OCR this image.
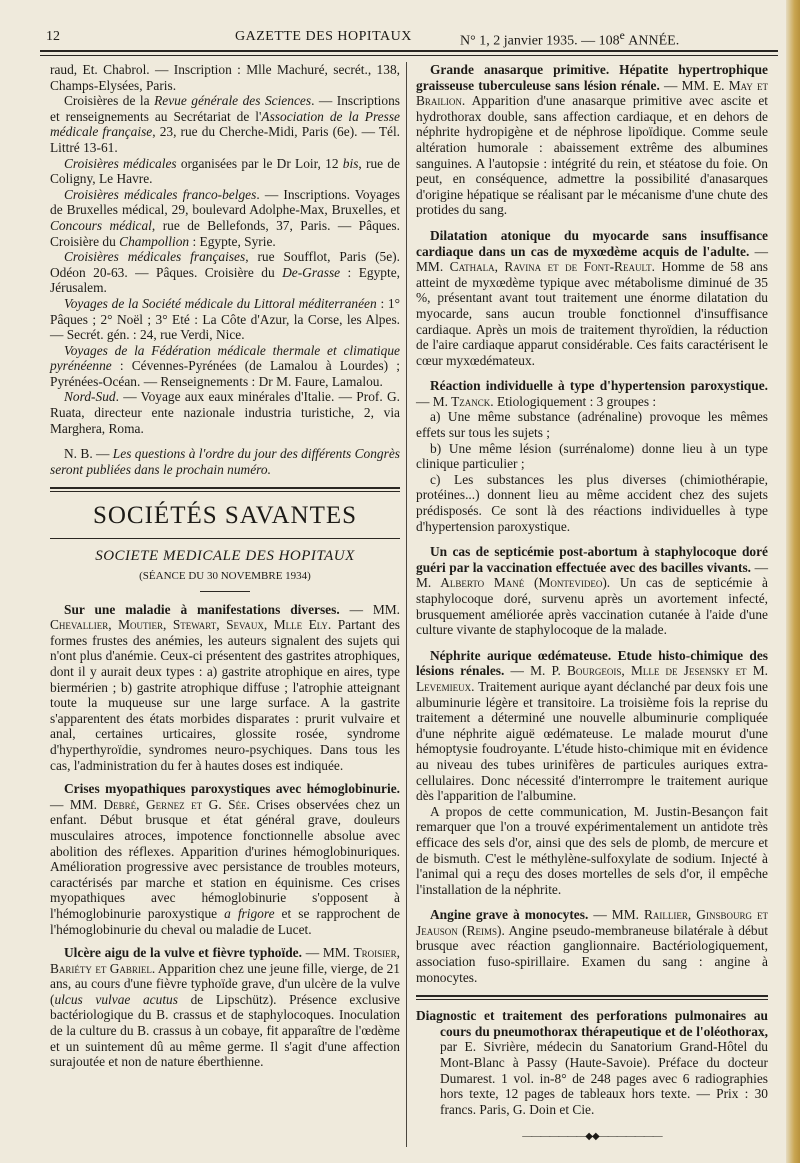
12	GAZETTE DES HOPITAUX	N° 1, 2 janvier 1935. — 108e ANNÉE.

raud, Et. Chabrol. — Inscription : Mlle Machuré, secrét., 138, Champs-Elysées, Paris.

Croisières de la Revue générale des Sciences. — Inscriptions et renseignements au Secrétariat de l'Association de la Presse médicale française, 23, rue du Cherche-Midi, Paris (6e). — Tél. Littré 13-61.

Croisières médicales organisées par le Dr Loir, 12 bis, rue de Coligny, Le Havre.

Croisières médicales franco-belges. — Inscriptions. Voyages de Bruxelles médical, 29, boulevard Adolphe-Max, Bruxelles, et Concours médical, rue de Bellefonds, 37, Paris. — Pâques. Croisière du Champollion : Egypte, Syrie.

Croisières médicales françaises, rue Soufflot, Paris (5e). Odéon 20-63. — Pâques. Croisière du De-Grasse : Egypte, Jérusalem.

Voyages de la Société médicale du Littoral méditerranéen : 1° Pâques ; 2° Noël ; 3° Eté : La Côte d'Azur, la Corse, les Alpes. — Secrét. gén. : 24, rue Verdi, Nice.

Voyages de la Fédération médicale thermale et climatique pyrénéenne : Cévennes-Pyrénées (de Lamalou à Lourdes) ; Pyrénées-Océan. — Renseignements : Dr M. Faure, Lamalou.

Nord-Sud. — Voyage aux eaux minérales d'Italie. — Prof. G. Ruata, directeur ente nazionale industria turistiche, 2, via Marghera, Roma.

N. B. — Les questions à l'ordre du jour des différents Congrès seront publiées dans le prochain numéro.

SOCIÉTÉS SAVANTES
SOCIETE MEDICALE DES HOPITAUX
(SÉANCE DU 30 NOVEMBRE 1934)

Sur une maladie à manifestations diverses. — MM. Chevallier, Moutier, Stewart, Sevaux, Mlle Ely. Partant des formes frustes des anémies, les auteurs signalent des sujets qui n'ont plus d'anémie. Ceux-ci présentent des gastrites atrophiques, dont il y aurait deux types : a) gastrite atrophique en aires, type biermérien ; b) gastrite atrophique diffuse ; l'atrophie atteignant toute la muqueuse sur une large surface. A la gastrite s'apparentent des états morbides disparates : prurit vulvaire et anal, certaines urticaires, glossite rosée, syndrome d'hyperthyroïdie, syndromes neuro-psychiques. Dans tous les cas, l'administration du fer à hautes doses est indiquée.

Crises myopathiques paroxystiques avec hémoglobinurie. — MM. Debré, Gernez et G. Sée. Crises observées chez un enfant. Début brusque et état général grave, douleurs musculaires atroces, impotence fonctionnelle absolue avec abolition des réflexes. Apparition d'urines hémoglobinuriques. Amélioration progressive avec persistance de troubles moteurs, caractérisés par marche et station en équinisme. Ces crises myopathiques avec hémoglobinurie s'opposent à l'hémoglobinurie paroxystique a frigore et se rapprochent de l'hémoglobinurie du cheval ou maladie de Lucet.

Ulcère aigu de la vulve et fièvre typhoïde. — MM. Troisier, Bariéty et Gabriel. Apparition chez une jeune fille, vierge, de 21 ans, au cours d'une fièvre typhoïde grave, d'un ulcère de la vulve (ulcus vulvae acutus de Lipschütz). Présence exclusive bactériologique du B. crassus et de staphylocoques. Inoculation de la culture du B. crassus à un cobaye, fit apparaître de l'œdème et un suintement dû au même germe. Il s'agit d'une affection surajoutée et non de nature éberthienne.

Grande anasarque primitive. Hépatite hypertrophique graisseuse tuberculeuse sans lésion rénale. — MM. E. May et Brailion. Apparition d'une anasarque primitive avec ascite et hydrothorax double, sans affection cardiaque, et en dehors de néphrite hydropigène et de néphrose lipoïdique. Comme seule altération humorale : abaissement extrême des albumines sanguines. A l'autopsie : intégrité du rein, et stéatose du foie. On peut, en conséquence, admettre la possibilité d'anasarques d'origine hépatique se réalisant par le mécanisme d'une chute des protides du sang.

Dilatation atonique du myocarde sans insuffisance cardiaque dans un cas de myxœdème acquis de l'adulte. — MM. Cathala, Ravina et de Font-Reault. Homme de 58 ans atteint de myxœdème typique avec métabolisme diminué de 35 %, présentant avant tout traitement une énorme dilatation du myocarde, sans aucun trouble fonctionnel d'insuffisance cardiaque. Après un mois de traitement thyroïdien, la réduction de l'aire cardiaque apparut considérable. Ces faits caractérisent le cœur myxœdémateux.

Réaction individuelle à type d'hypertension paroxystique. — M. Tzanck. Etiologiquement : 3 groupes :

a) Une même substance (adrénaline) provoque les mêmes effets sur tous les sujets ;

b) Une même lésion (surrénalome) donne lieu à un type clinique particulier ;

c) Les substances les plus diverses (chimiothérapie, protéines...) donnent lieu au même accident chez des sujets prédisposés. Ce sont là des réactions individuelles à type d'hypertension paroxystique.

Un cas de septicémie post-abortum à staphylocoque doré guéri par la vaccination effectuée avec des bacilles vivants. — M. Alberto Mané (Montevideo). Un cas de septicémie à staphylocoque doré, survenu après un avortement infecté, brusquement améliorée après vaccination cutanée à l'aide d'une culture vivante de staphylocoque de la malade.

Néphrite aurique œdémateuse. Etude histo-chimique des lésions rénales. — M. P. Bourgeois, Mlle de Jesensky et M. Levemieux. Traitement aurique ayant déclanché par deux fois une albuminurie légère et transitoire. La troisième fois la reprise du traitement a déterminé une nouvelle albuminurie compliquée d'une néphrite aiguë œdémateuse. Le malade mourut d'une hémoptysie foudroyante. L'étude histo-chimique mit en évidence au niveau des tubes urinifères de particules auriques extra-cellulaires. Donc nécessité d'interrompre le traitement aurique dès l'apparition de l'albumine.

A propos de cette communication, M. Justin-Besançon fait remarquer que l'on a trouvé expérimentalement un antidote très efficace des sels d'or, ainsi que des sels de plomb, de mercure et de bismuth. C'est le méthylène-sulfoxylate de sodium. Injecté à l'animal qui a reçu des doses mortelles de sels d'or, il empêche l'installation de la néphrite.

Angine grave à monocytes. — MM. Raillier, Ginsbourg et Jeauson (Reims). Angine pseudo-membraneuse bilatérale à début brusque avec réaction ganglionnaire. Bactériologiquement, association fuso-spirillaire. Examen du sang : angine à monocytes.

Diagnostic et traitement des perforations pulmonaires au cours du pneumothorax thérapeutique et de l'oléothorax, par E. Sivrière, médecin du Sanatorium Grand-Hôtel du Mont-Blanc à Passy (Haute-Savoie). Préface du docteur Dumarest. 1 vol. in-8° de 248 pages avec 6 radiographies hors texte, 12 pages de tableaux hors texte. — Prix : 30 francs. Paris, G. Doin et Cie.

———————◆◆———————
